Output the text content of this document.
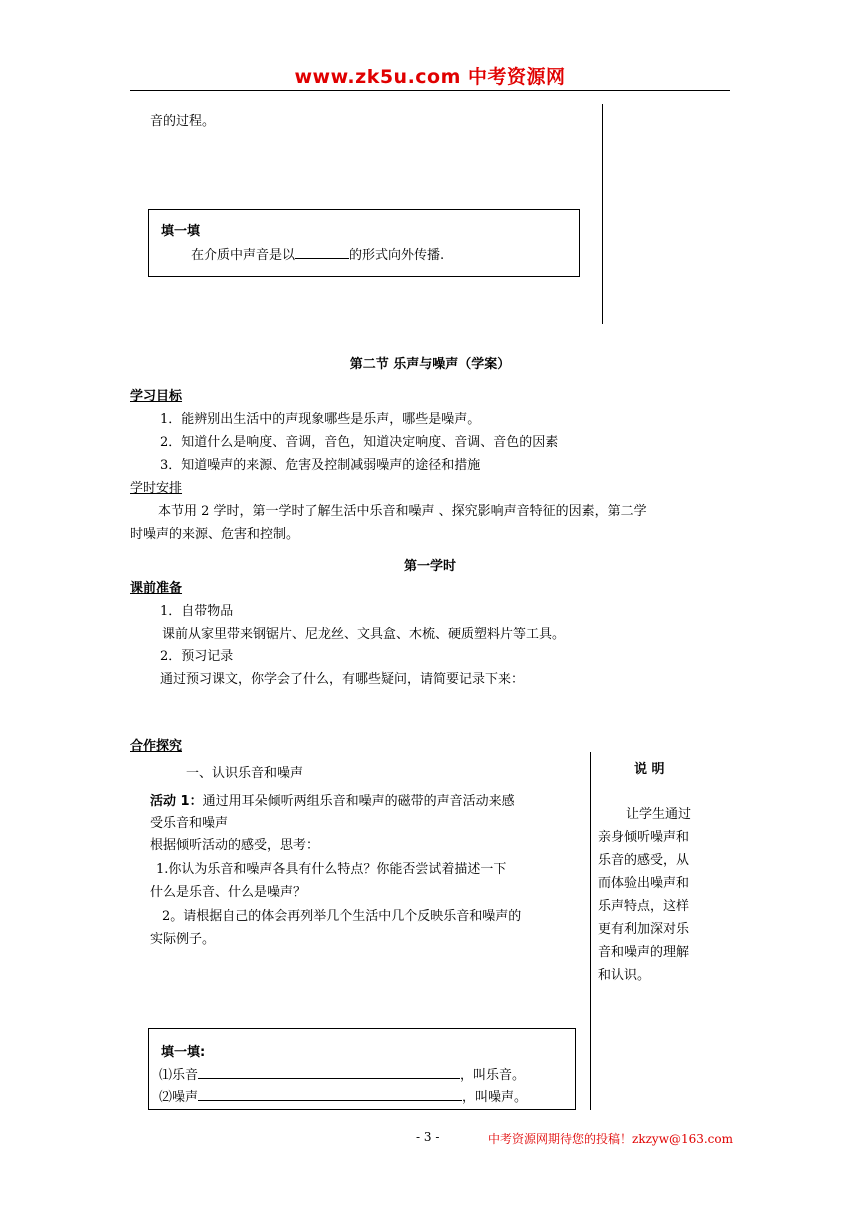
www.zk5u.com 中考资源网
音的过程。
填一填
在介质中声音是以	的形式向外传播.
第二节 乐声与噪声（学案）
学习目标
1．能辨别出生活中的声现象哪些是乐声，哪些是噪声。
2．知道什么是响度、音调，音色，知道决定响度、音调、音色的因素
3．知道噪声的来源、危害及控制减弱噪声的途径和措施
学时安排
本节用 2 学时，第一学时了解生活中乐音和噪声 、探究影响声音特征的因素，第二学
时噪声的来源、危害和控制。
第一学时
课前准备
1．自带物品
课前从家里带来钢锯片、尼龙丝、文具盒、木梳、硬质塑料片等工具。
2．预习记录
通过预习课文，你学会了什么，有哪些疑问，请简要记录下来：
合作探究
一、认识乐音和噪声
活动 1：通过用耳朵倾听两组乐音和噪声的磁带的声音活动来感
受乐音和噪声
根据倾听活动的感受，思考：
1.你认为乐音和噪声各具有什么特点？你能否尝试着描述一下
什么是乐音、什么是噪声？
2。请根据自己的体会再列举几个生活中几个反映乐音和噪声的
实际例子。
说 明
让学生通过
亲身倾听噪声和
乐音的感受，从
而体验出噪声和
乐声特点，这样
更有利加深对乐
音和噪声的理解
和认识。
填一填:
⑴乐音	，叫乐音。
⑵噪声	，叫噪声。
- 3 -	中考资源网期待您的投稿！zkzyw@163.com
